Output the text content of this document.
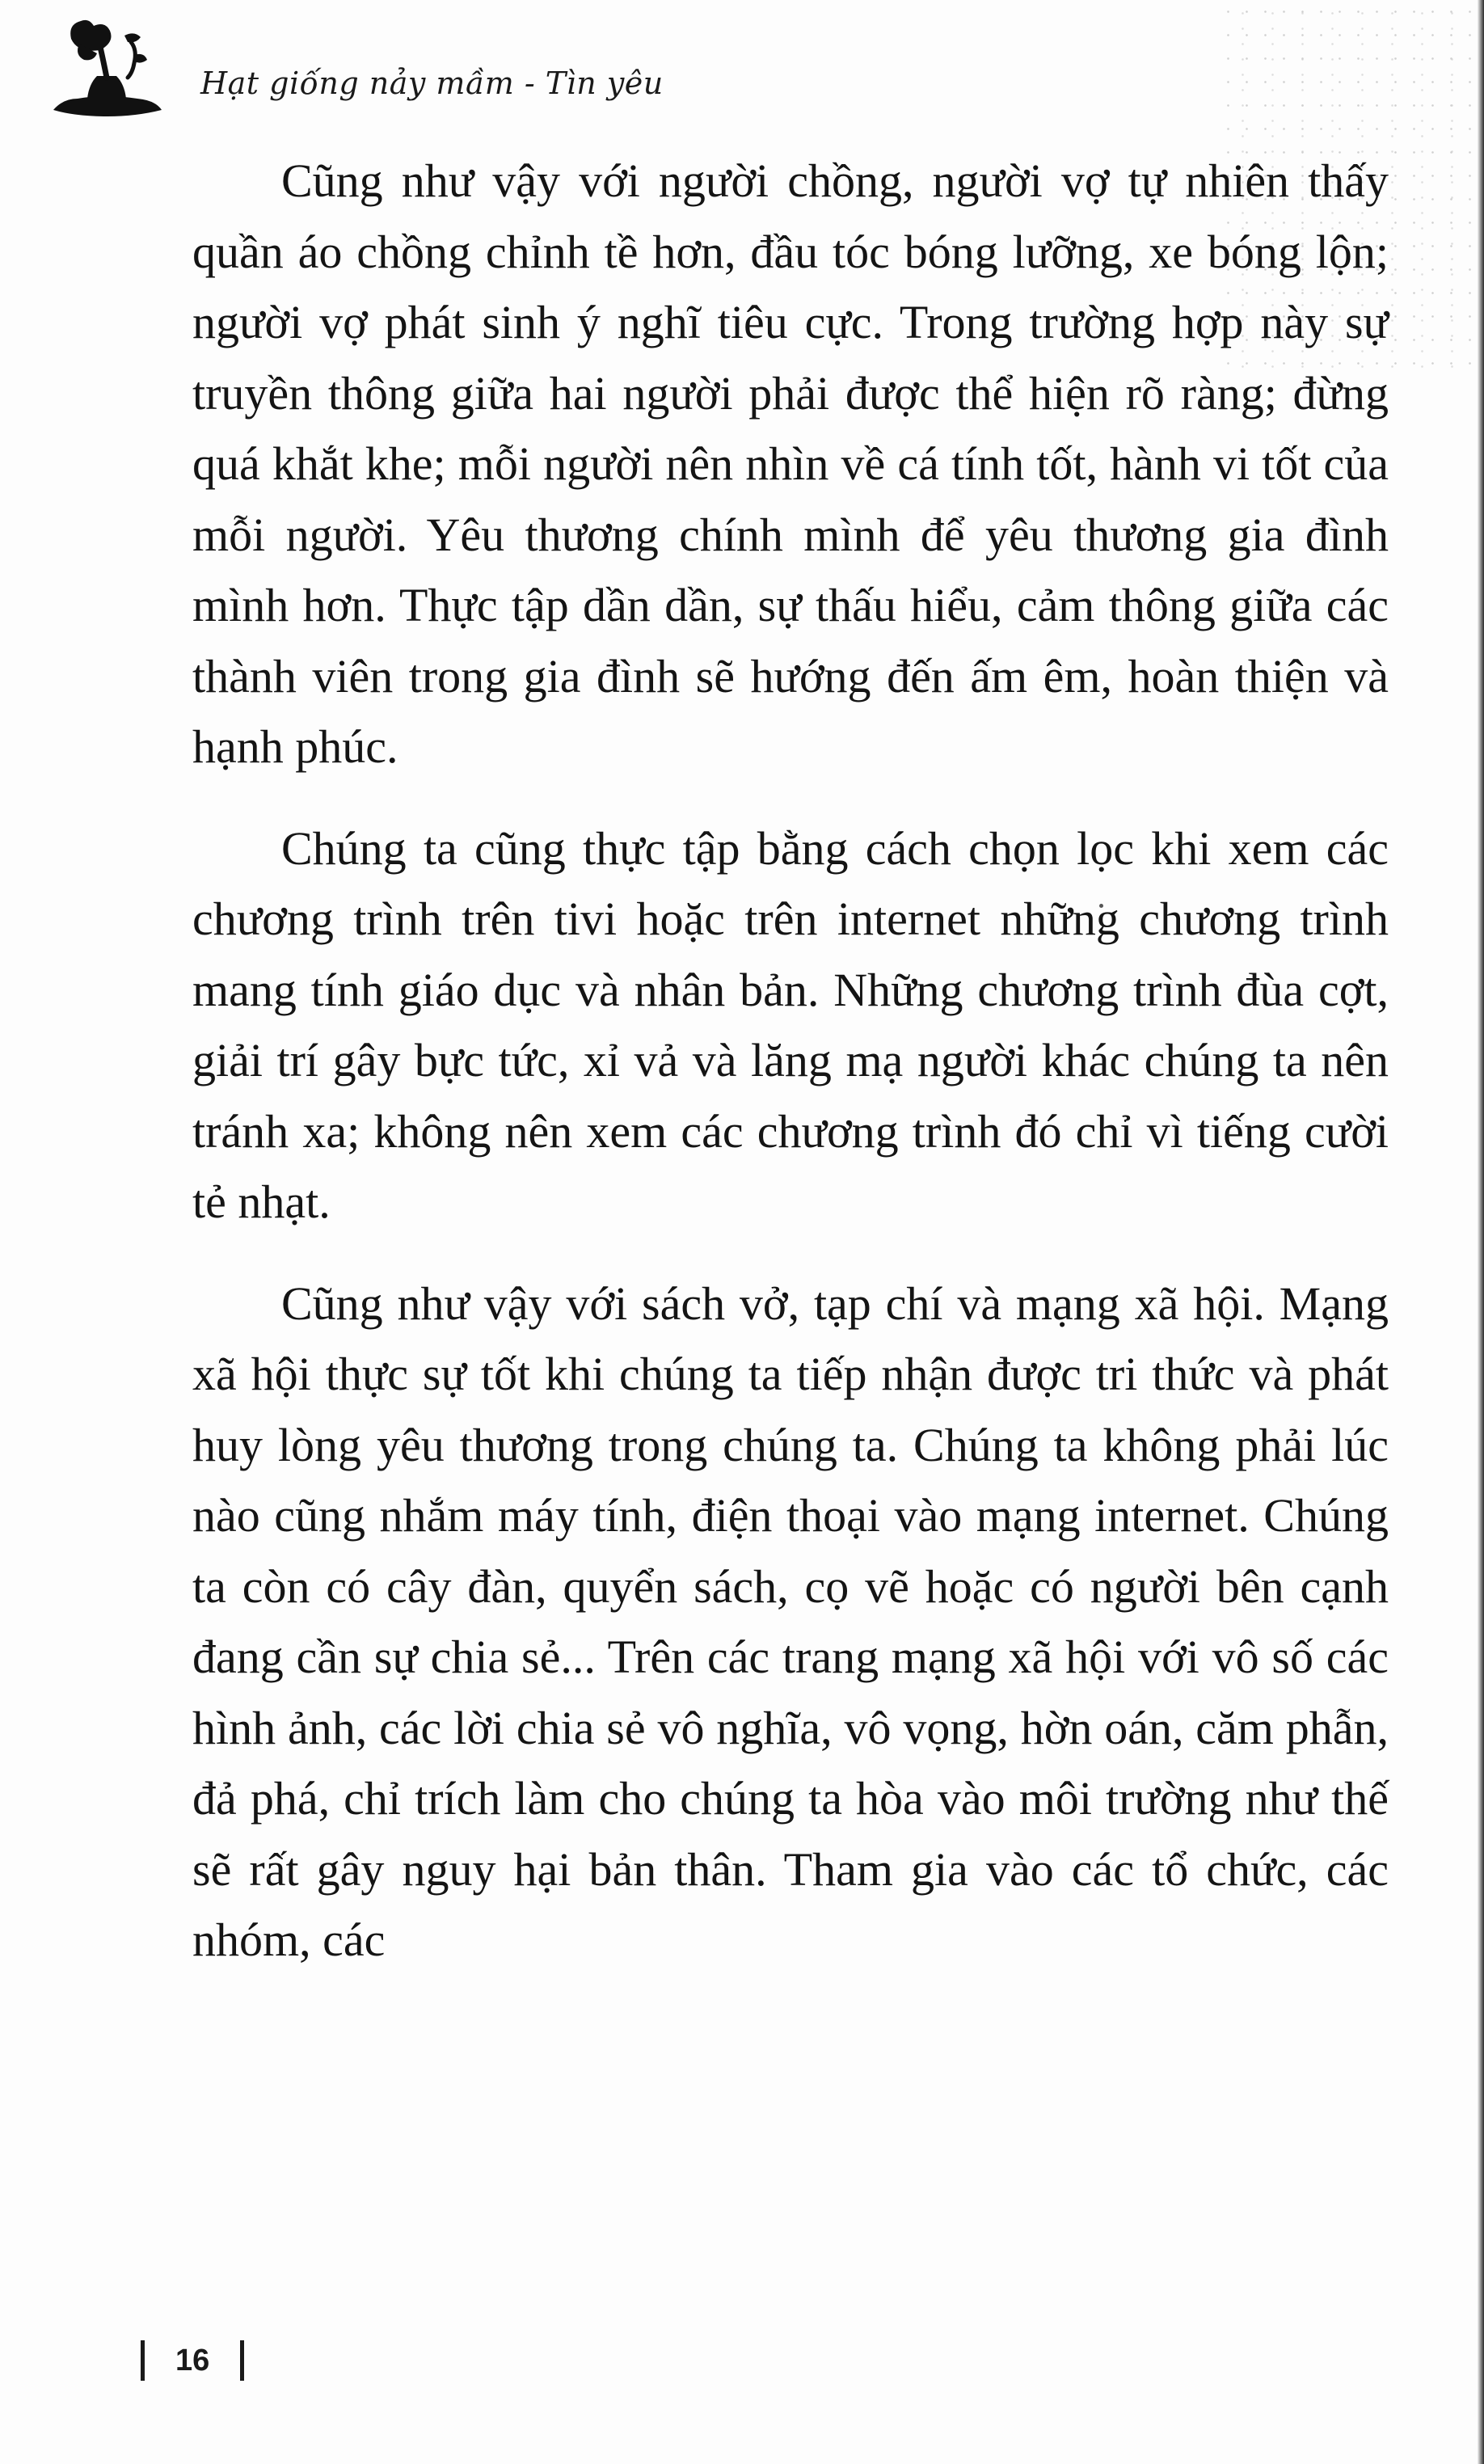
Hạt giống nảy mầm - Tìn yêu

Cũng như vậy với người chồng, người vợ tự nhiên thấy quần áo chồng chỉnh tề hơn, đầu tóc bóng lưỡng, xe bóng lộn; người vợ phát sinh ý nghĩ tiêu cực. Trong trường hợp này sự truyền thông giữa hai người phải được thể hiện rõ ràng; đừng quá khắt khe; mỗi người nên nhìn về cá tính tốt, hành vi tốt của mỗi người. Yêu thương chính mình để yêu thương gia đình mình hơn. Thực tập dần dần, sự thấu hiểu, cảm thông giữa các thành viên trong gia đình sẽ hướng đến ấm êm, hoàn thiện và hạnh phúc.

Chúng ta cũng thực tập bằng cách chọn lọc khi xem các chương trình trên tivi hoặc trên internet những chương trình mang tính giáo dục và nhân bản. Những chương trình đùa cợt, giải trí gây bực tức, xỉ vả và lăng mạ người khác chúng ta nên tránh xa; không nên xem các chương trình đó chỉ vì tiếng cười tẻ nhạt.

Cũng như vậy với sách vở, tạp chí và mạng xã hội. Mạng xã hội thực sự tốt khi chúng ta tiếp nhận được tri thức và phát huy lòng yêu thương trong chúng ta. Chúng ta không phải lúc nào cũng nhắm máy tính, điện thoại vào mạng internet. Chúng ta còn có cây đàn, quyển sách, cọ vẽ hoặc có người bên cạnh đang cần sự chia sẻ... Trên các trang mạng xã hội với vô số các hình ảnh, các lời chia sẻ vô nghĩa, vô vọng, hờn oán, căm phẫn, đả phá, chỉ trích làm cho chúng ta hòa vào môi trường như thế sẽ rất gây nguy hại bản thân. Tham gia vào các tổ chức, các nhóm, các

16
